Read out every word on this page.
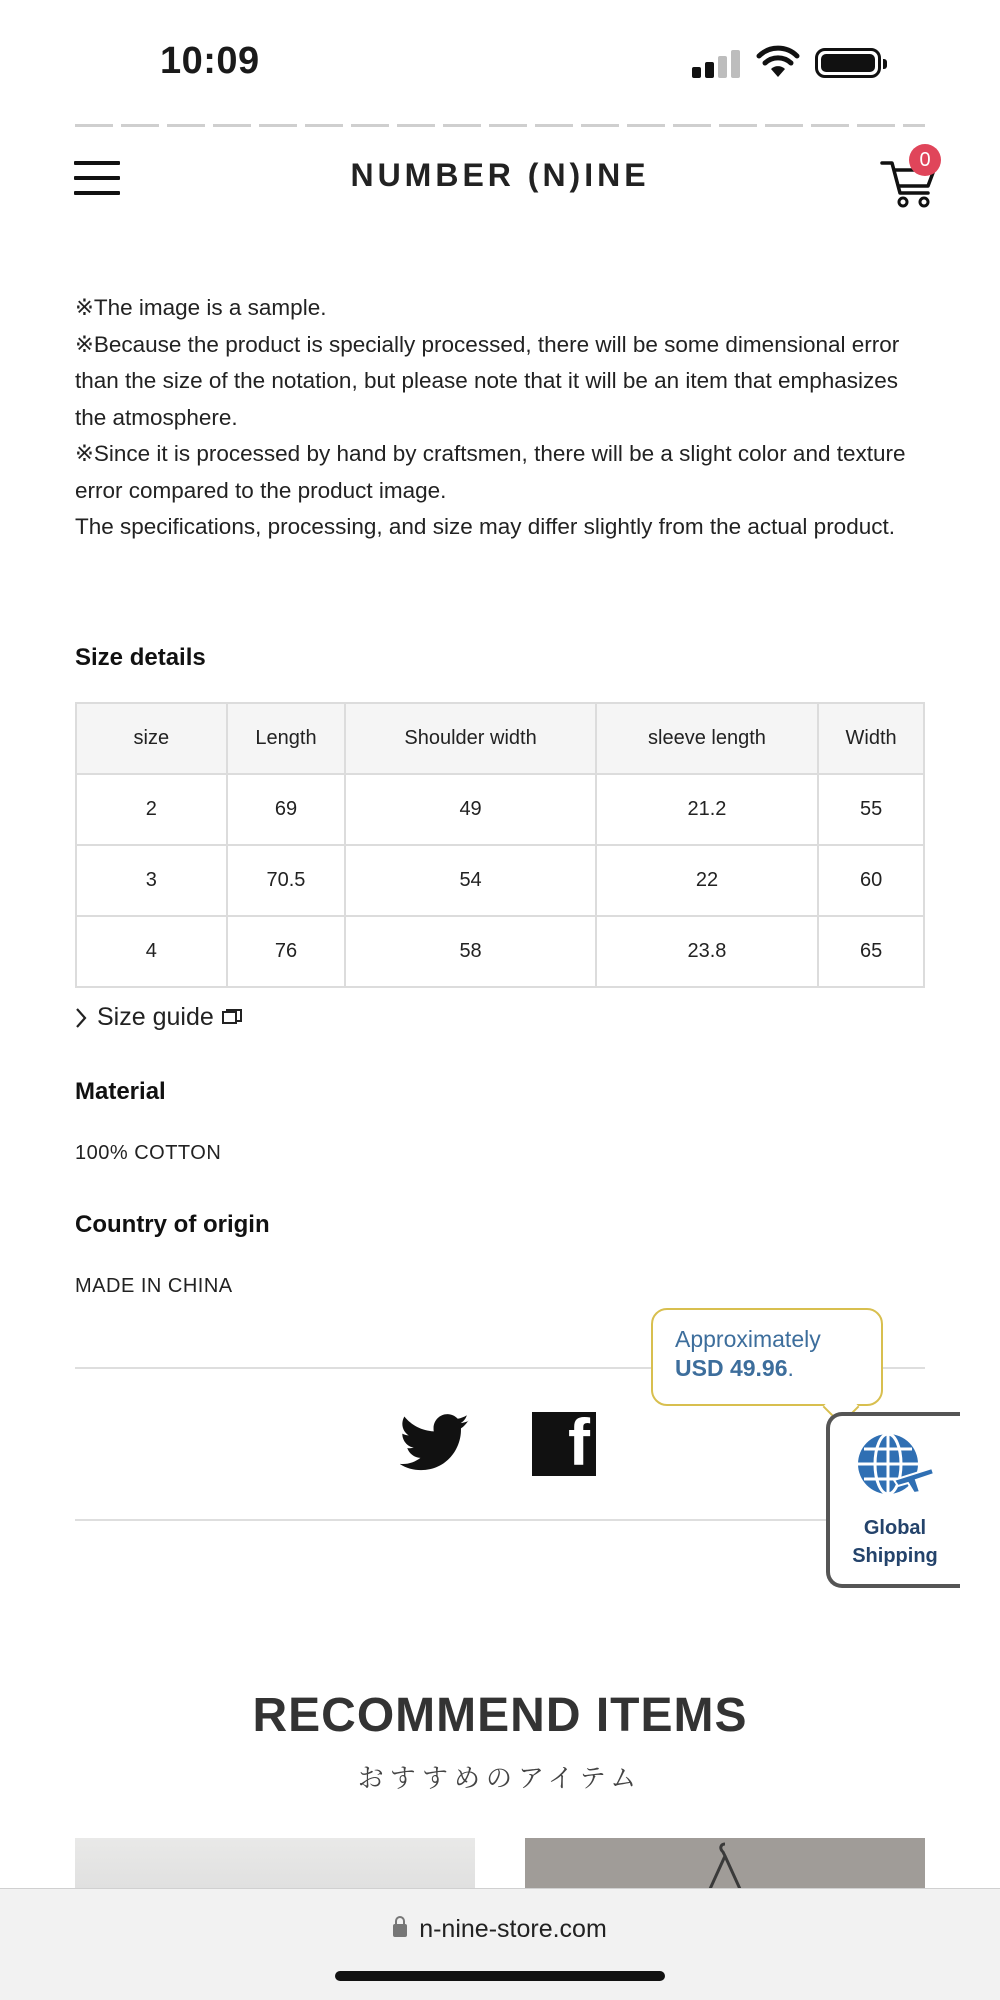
10:09
NUMBER (N)INE	0

※The image is a sample.

※Because the product is specially processed, there will be some dimensional error than the size of the notation, but please note that it will be an item that emphasizes the atmosphere.

※Since it is processed by hand by craftsmen, there will be a slight color and texture error compared to the product image.

The specifications, processing, and size may differ slightly from the actual product.

Size details
size	Length	Shoulder width	sleeve length	Width
2	69	49	21.2	55
3	70.5	54	22	60
4	76	58	23.8	65
Size guide
Material
100% COTTON
Country of origin
MADE IN CHINA
f
Approximately
USD 49.96.
Global
Shipping
RECOMMEND ITEMS
おすすめのアイテム
n-nine-store.com
